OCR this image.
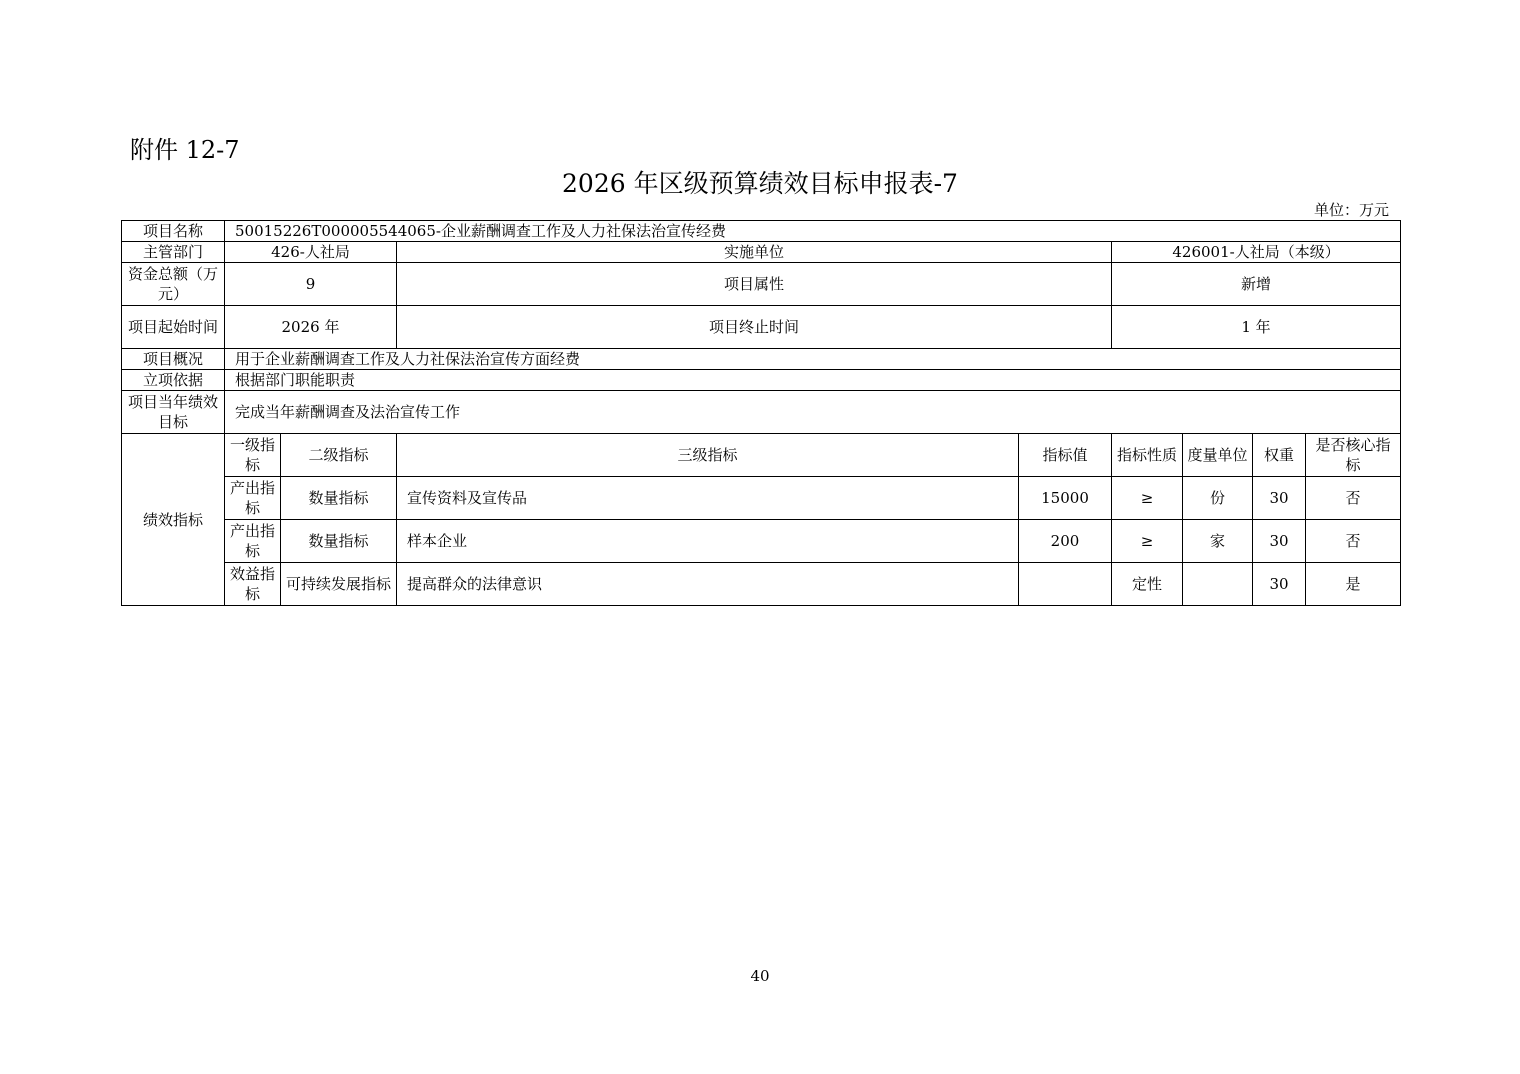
附件 12-7
2026 年区级预算绩效目标申报表-7
单位：万元
项目名称	50015226T000005544065-企业薪酬调查工作及人力社保法治宣传经费							
主管部门	426-人社局		实施单位		426001-人社局（本级）			
资金总额（万元）	9		项目属性		新增			
项目起始时间	2026 年		项目终止时间		1 年			
项目概况	用于企业薪酬调查工作及人力社保法治宣传方面经费							
立项依据	根据部门职能职责							
项目当年绩效目标	完成当年薪酬调查及法治宣传工作							
绩效指标	一级指标	二级指标	三级指标	指标值	指标性质	度量单位	权重	是否核心指标
	产出指标	数量指标	宣传资料及宣传品	15000	≥	份	30	否
	产出指标	数量指标	样本企业	200	≥	家	30	否
	效益指标	可持续发展指标	提高群众的法律意识		定性		30	是
40
